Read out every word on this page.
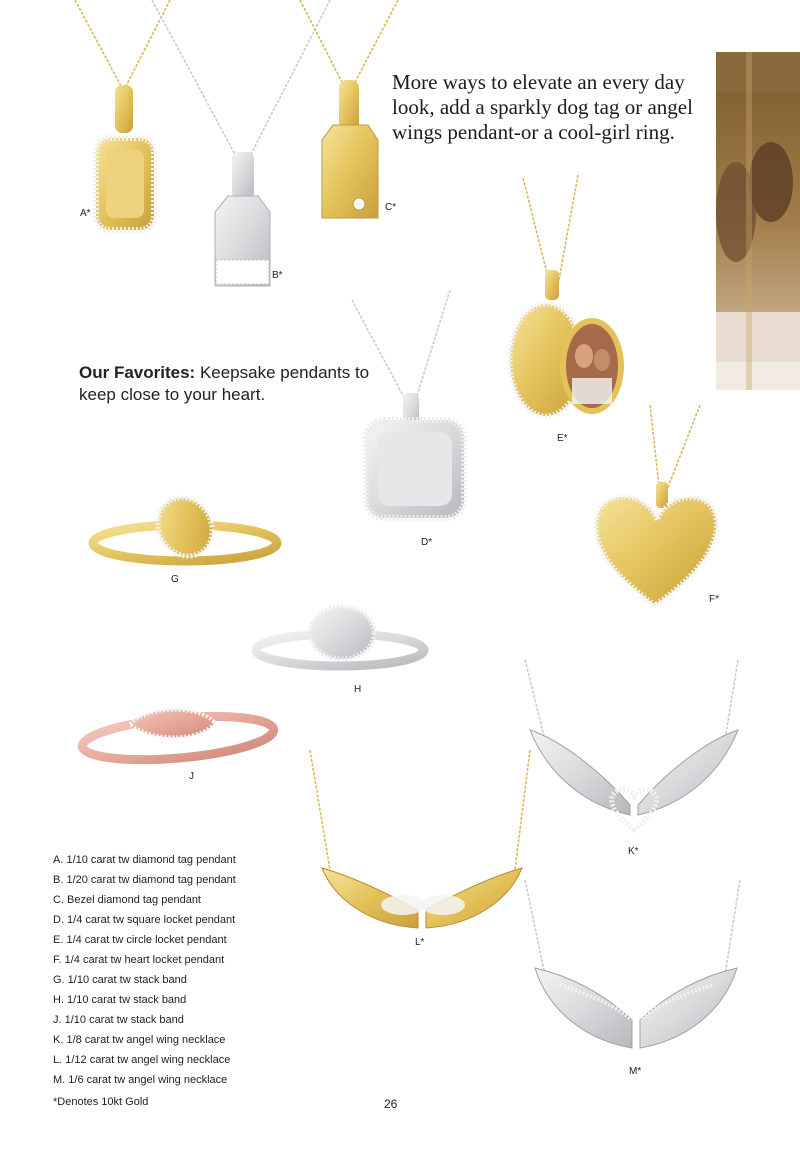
More ways to elevate an every day look, add a sparkly dog tag or angel wings pendant-or a cool-girl ring.
Our Favorites: Keepsake pendants to keep close to your heart.
A*
B*
C*
D*
E*
F*
G
H
J
K*
L*
M*
A. 1/10 carat tw diamond tag pendant
B. 1/20 carat tw diamond tag pendant
C. Bezel diamond tag pendant
D. 1/4 carat tw square locket pendant
E. 1/4 carat tw circle locket pendant
F. 1/4 carat tw heart locket pendant
G. 1/10 carat tw stack band
H. 1/10 carat tw stack band
J. 1/10 carat tw stack band
K. 1/8 carat tw angel wing necklace
L. 1/12 carat tw angel wing necklace
M. 1/6 carat tw angel wing necklace
*Denotes 10kt Gold	26
